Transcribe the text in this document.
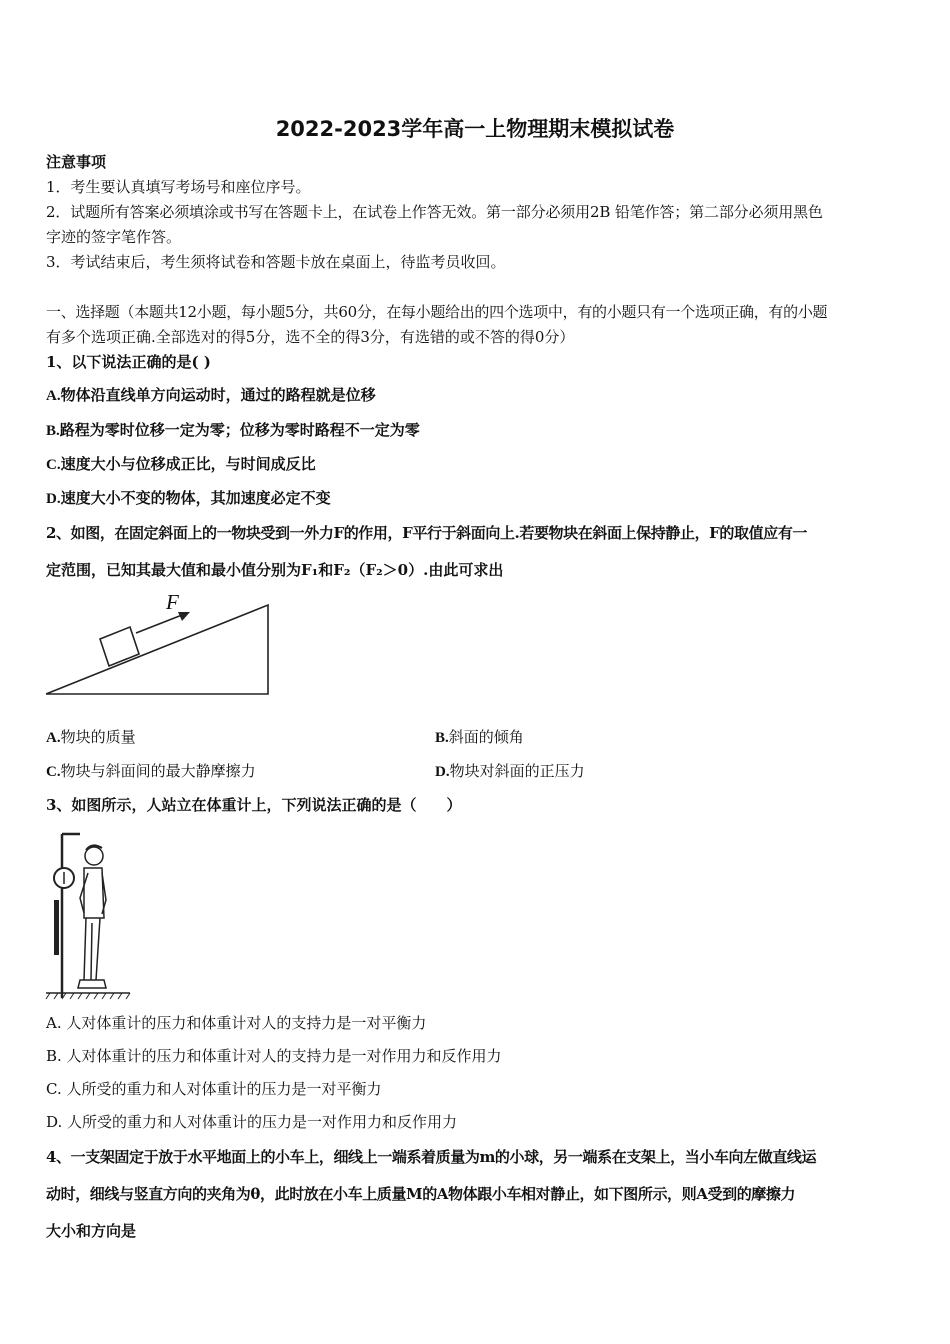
2022-2023学年高一上物理期末模拟试卷
注意事项
1．考生要认真填写考场号和座位序号。
2．试题所有答案必须填涂或书写在答题卡上，在试卷上作答无效。第一部分必须用2B 铅笔作答；第二部分必须用黑色
字迹的签字笔作答。
3．考试结束后，考生须将试卷和答题卡放在桌面上，待监考员收回。
一、选择题（本题共12小题，每小题5分，共60分，在每小题给出的四个选项中，有的小题只有一个选项正确，有的小题
有多个选项正确.全部选对的得5分，选不全的得3分，有选错的或不答的得0分）
1、以下说法正确的是( )
A.物体沿直线单方向运动时，通过的路程就是位移
B.路程为零时位移一定为零；位移为零时路程不一定为零
C.速度大小与位移成正比，与时间成反比
D.速度大小不变的物体，其加速度必定不变
2、如图，在固定斜面上的一物块受到一外力F的作用，F平行于斜面向上.若要物块在斜面上保持静止，F的取值应有一
定范围，已知其最大值和最小值分别为F₁和F₂（F₂＞0）.由此可求出
F
A.物块的质量	B.斜面的倾角
C.物块与斜面间的最大静摩擦力	D.物块对斜面的正压力
3、如图所示，人站立在体重计上，下列说法正确的是（　　）
A. 人对体重计的压力和体重计对人的支持力是一对平衡力
B. 人对体重计的压力和体重计对人的支持力是一对作用力和反作用力
C. 人所受的重力和人对体重计的压力是一对平衡力
D. 人所受的重力和人对体重计的压力是一对作用力和反作用力
4、一支架固定于放于水平地面上的小车上，细线上一端系着质量为m的小球，另一端系在支架上，当小车向左做直线运
动时，细线与竖直方向的夹角为θ，此时放在小车上质量M的A物体跟小车相对静止，如下图所示，则A受到的摩擦力
大小和方向是
